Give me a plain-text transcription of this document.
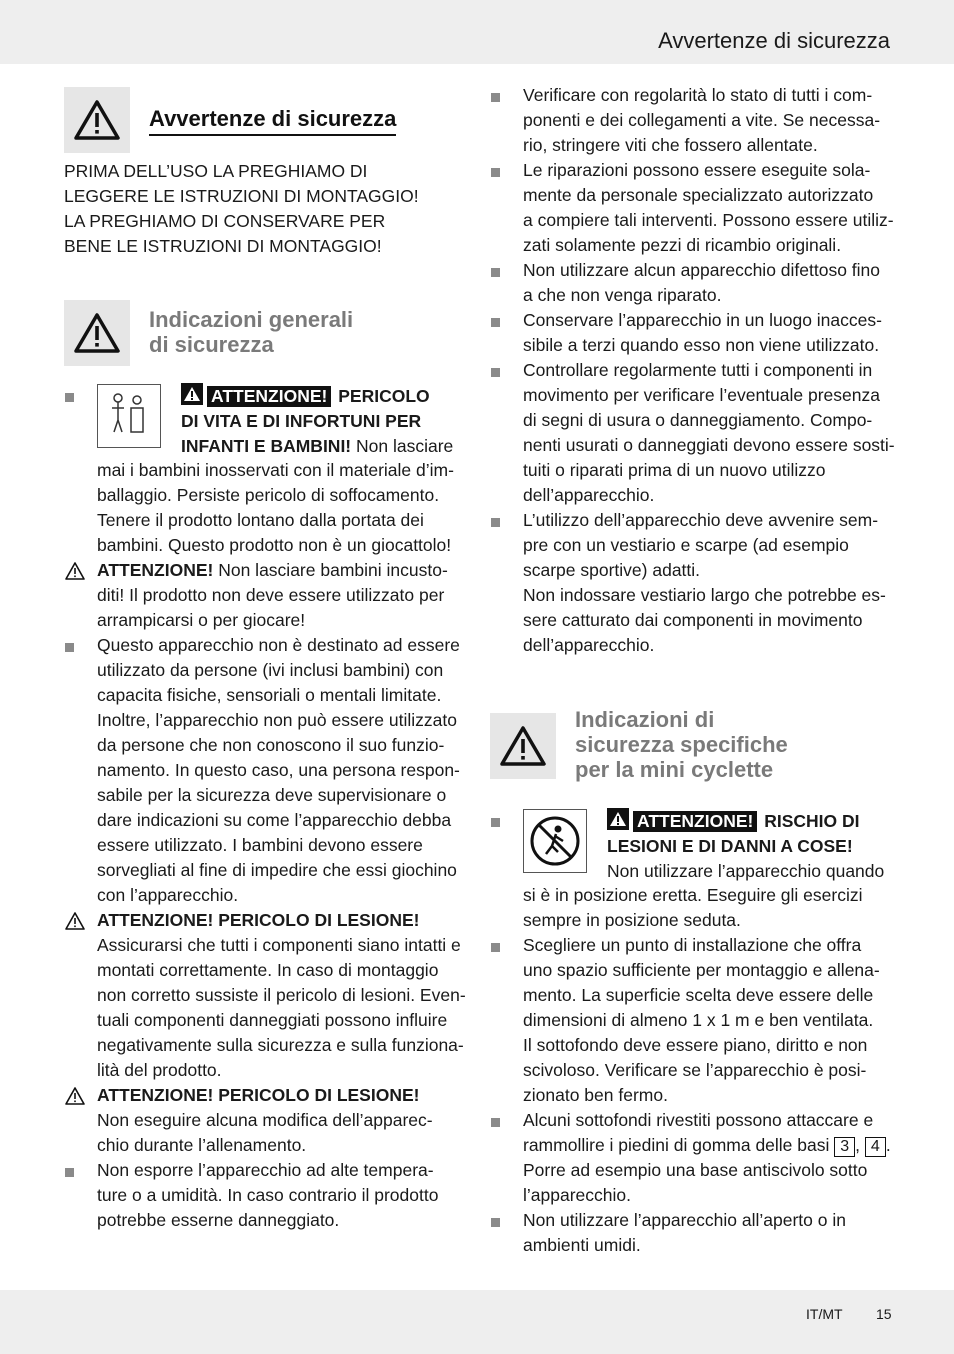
Avvertenze di sicurezza
Avvertenze di sicurezza
PRIMA DELL’USO LA PREGHIAMO DI
LEGGERE LE ISTRUZIONI DI MONTAGGIO!
LA PREGHIAMO DI CONSERVARE PER
BENE LE ISTRUZIONI DI MONTAGGIO!
Indicazioni generali
di sicurezza
ATTENZIONE! PERICOLO
DI VITA E DI INFORTUNI PER
INFANTI E BAMBINI! Non lasciare
mai i bambini inosservati con il materiale d’im-
ballaggio. Persiste pericolo di soffocamento.
Tenere il prodotto lontano dalla portata dei
bambini. Questo prodotto non è un giocattolo!
ATTENZIONE! Non lasciare bambini incusto-
diti! Il prodotto non deve essere utilizzato per
arrampicarsi o per giocare!
Questo apparecchio non è destinato ad essere
utilizzato da persone (ivi inclusi bambini) con
capacita fisiche, sensoriali o mentali limitate.
Inoltre, l’apparecchio non può essere utilizzato
da persone che non conoscono il suo funzio-
namento. In questo caso, una persona respon-
sabile per la sicurezza deve supervisionare o
dare indicazioni su come l’apparecchio debba
essere utilizzato. I bambini devono essere
sorvegliati al fine di impedire che essi giochino
con l’apparecchio.
ATTENZIONE! PERICOLO DI LESIONE!
Assicurarsi che tutti i componenti siano intatti e
montati correttamente. In caso di montaggio
non corretto sussiste il pericolo di lesioni. Even-
tuali componenti danneggiati possono influire
negativamente sulla sicurezza e sulla funziona-
lità del prodotto.
ATTENZIONE! PERICOLO DI LESIONE!
Non eseguire alcuna modifica dell’apparec-
chio durante l’allenamento.
Non esporre l’apparecchio ad alte tempera-
ture o a umidità. In caso contrario il prodotto
potrebbe esserne danneggiato.
Verificare con regolarità lo stato di tutti i com-
ponenti e dei collegamenti a vite. Se necessa-
rio, stringere viti che fossero allentate.
Le riparazioni possono essere eseguite sola-
mente da personale specializzato autorizzato
a compiere tali interventi. Possono essere utiliz-
zati solamente pezzi di ricambio originali.
Non utilizzare alcun apparecchio difettoso fino
a che non venga riparato.
Conservare l’apparecchio in un luogo inacces-
sibile a terzi quando esso non viene utilizzato.
Controllare regolarmente tutti i componenti in
movimento per verificare l’eventuale presenza
di segni di usura o danneggiamento. Compo-
nenti usurati o danneggiati devono essere sosti-
tuiti o riparati prima di un nuovo utilizzo
dell’apparecchio.
L’utilizzo dell’apparecchio deve avvenire sem-
pre con un vestiario e scarpe (ad esempio
scarpe sportive) adatti.
Non indossare vestiario largo che potrebbe es-
sere catturato dai componenti in movimento
dell’apparecchio.
Indicazioni di
sicurezza specifiche
per la mini cyclette
ATTENZIONE! RISCHIO DI
LESIONI E DI DANNI A COSE!
Non utilizzare l’apparecchio quando
si è in posizione eretta. Eseguire gli esercizi
sempre in posizione seduta.
Scegliere un punto di installazione che offra
uno spazio sufficiente per montaggio e allena-
mento. La superficie scelta deve essere delle
dimensioni di almeno 1 x 1 m e ben ventilata.
Il sottofondo deve essere piano, diritto e non
scivoloso. Verificare se l’apparecchio è posi-
zionato ben fermo.
Alcuni sottofondi rivestiti possono attaccare e
rammollire i piedini di gomma delle basi 3 , 4 .
Porre ad esempio una base antiscivolo sotto
l’apparecchio.
Non utilizzare l’apparecchio all’aperto o in
ambienti umidi.
IT/MT 15
